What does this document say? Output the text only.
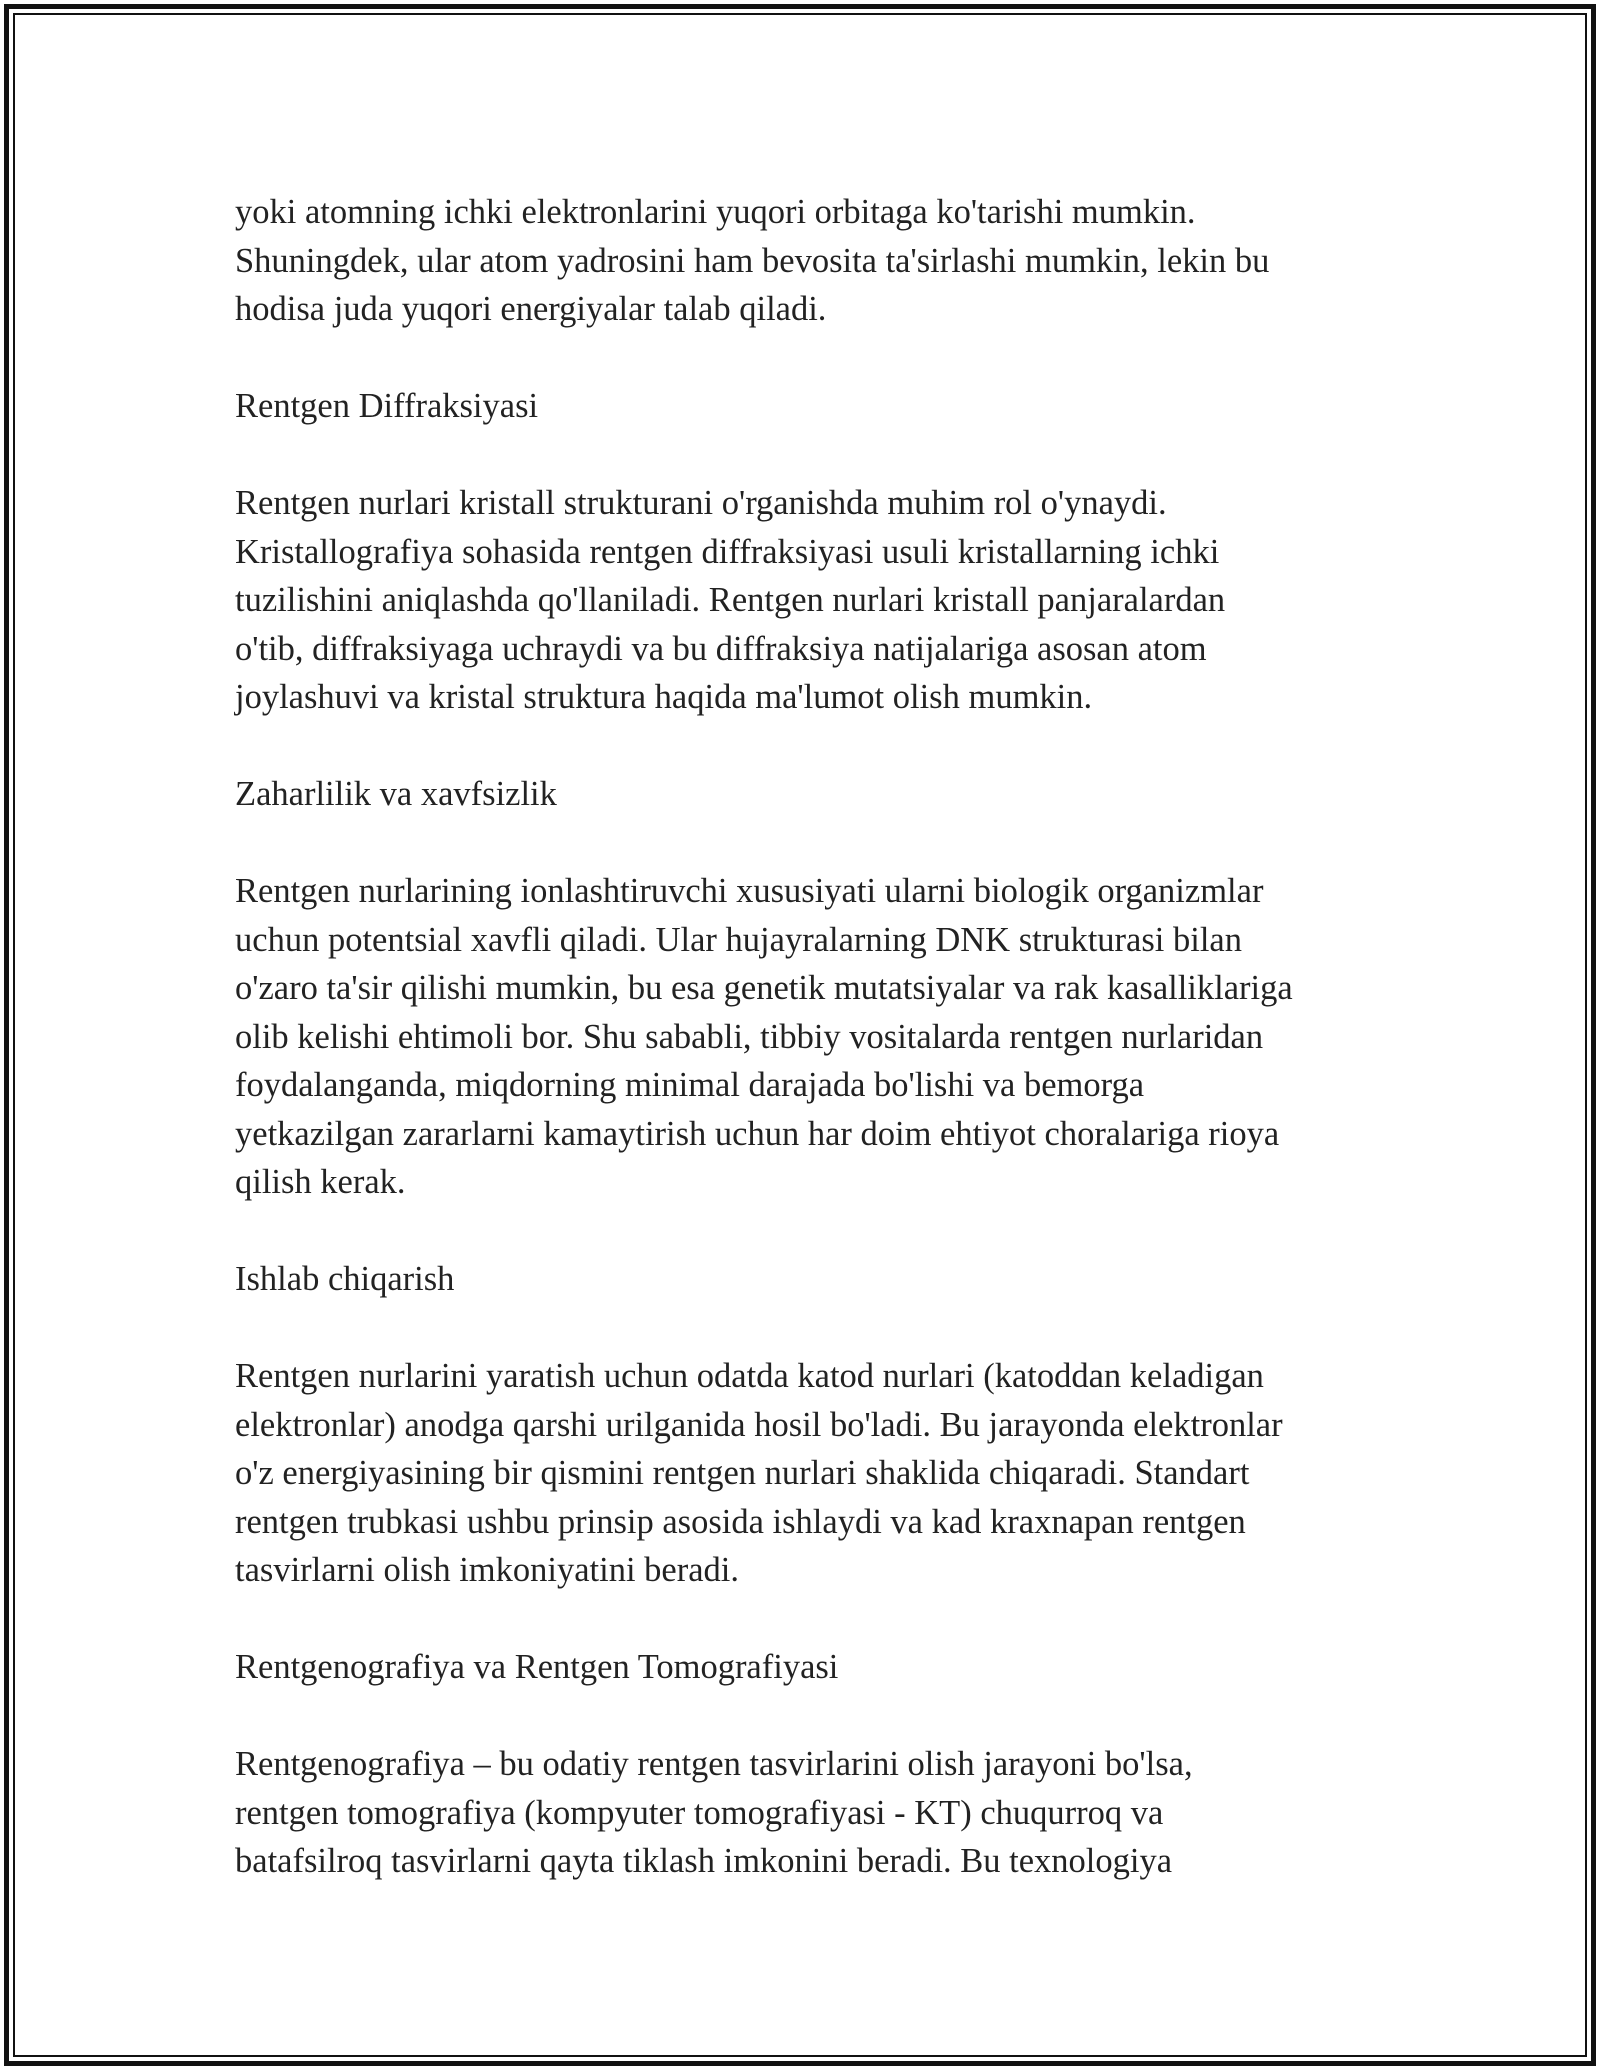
yoki atomning ichki elektronlarini yuqori orbitaga ko'tarishi mumkin.
Shuningdek, ular atom yadrosini ham bevosita ta'sirlashi mumkin, lekin bu
hodisa juda yuqori energiyalar talab qiladi.

Rentgen Diffraksiyasi

Rentgen nurlari kristall strukturani o'rganishda muhim rol o'ynaydi.
Kristallografiya sohasida rentgen diffraksiyasi usuli kristallarning ichki
tuzilishini aniqlashda qo'llaniladi. Rentgen nurlari kristall panjaralardan
o'tib, diffraksiyaga uchraydi va bu diffraksiya natijalariga asosan atom
joylashuvi va kristal struktura haqida ma'lumot olish mumkin.

Zaharlilik va xavfsizlik

Rentgen nurlarining ionlashtiruvchi xususiyati ularni biologik organizmlar
uchun potentsial xavfli qiladi. Ular hujayralarning DNK strukturasi bilan
o'zaro ta'sir qilishi mumkin, bu esa genetik mutatsiyalar va rak kasalliklariga
olib kelishi ehtimoli bor. Shu sababli, tibbiy vositalarda rentgen nurlaridan
foydalanganda, miqdorning minimal darajada bo'lishi va bemorga
yetkazilgan zararlarni kamaytirish uchun har doim ehtiyot choralariga rioya
qilish kerak.

Ishlab chiqarish

Rentgen nurlarini yaratish uchun odatda katod nurlari (katoddan keladigan
elektronlar) anodga qarshi urilganida hosil bo'ladi. Bu jarayonda elektronlar
o'z energiyasining bir qismini rentgen nurlari shaklida chiqaradi. Standart
rentgen trubkasi ushbu prinsip asosida ishlaydi va kad kraxnapan rentgen
tasvirlarni olish imkoniyatini beradi.

Rentgenografiya va Rentgen Tomografiyasi

Rentgenografiya – bu odatiy rentgen tasvirlarini olish jarayoni bo'lsa,
rentgen tomografiya (kompyuter tomografiyasi - KT) chuqurroq va
batafsilroq tasvirlarni qayta tiklash imkonini beradi. Bu texnologiya
